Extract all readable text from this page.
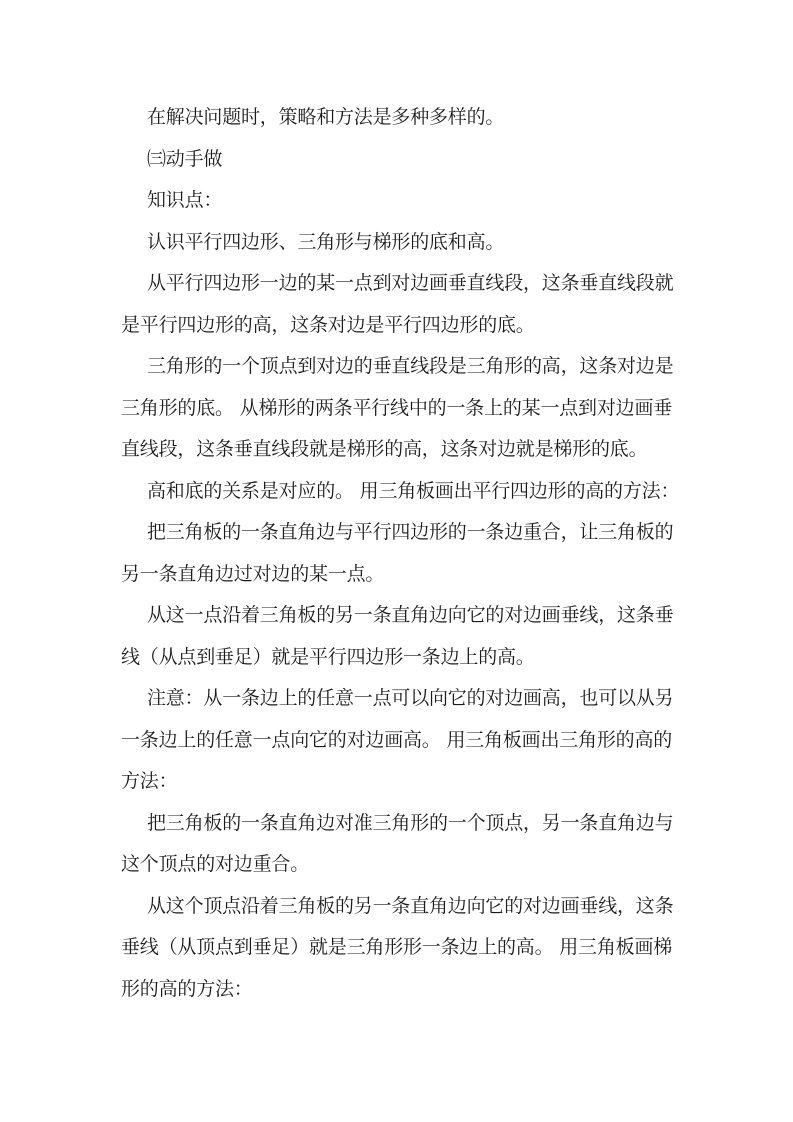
在解决问题时，策略和方法是多种多样的。
㈢动手做
知识点：
认识平行四边形、三角形与梯形的底和高。
从平行四边形一边的某一点到对边画垂直线段，这条垂直线段就
是平行四边形的高，这条对边是平行四边形的底。
三角形的一个顶点到对边的垂直线段是三角形的高，这条对边是
三角形的底。 从梯形的两条平行线中的一条上的某一点到对边画垂
直线段，这条垂直线段就是梯形的高，这条对边就是梯形的底。
高和底的关系是对应的。 用三角板画出平行四边形的高的方法：
把三角板的一条直角边与平行四边形的一条边重合，让三角板的
另一条直角边过对边的某一点。
从这一点沿着三角板的另一条直角边向它的对边画垂线，这条垂
线（从点到垂足）就是平行四边形一条边上的高。
注意：从一条边上的任意一点可以向它的对边画高，也可以从另
一条边上的任意一点向它的对边画高。 用三角板画出三角形的高的
方法：
把三角板的一条直角边对准三角形的一个顶点，另一条直角边与
这个顶点的对边重合。
从这个顶点沿着三角板的另一条直角边向它的对边画垂线，这条
垂线（从顶点到垂足）就是三角形形一条边上的高。 用三角板画梯
形的高的方法：
